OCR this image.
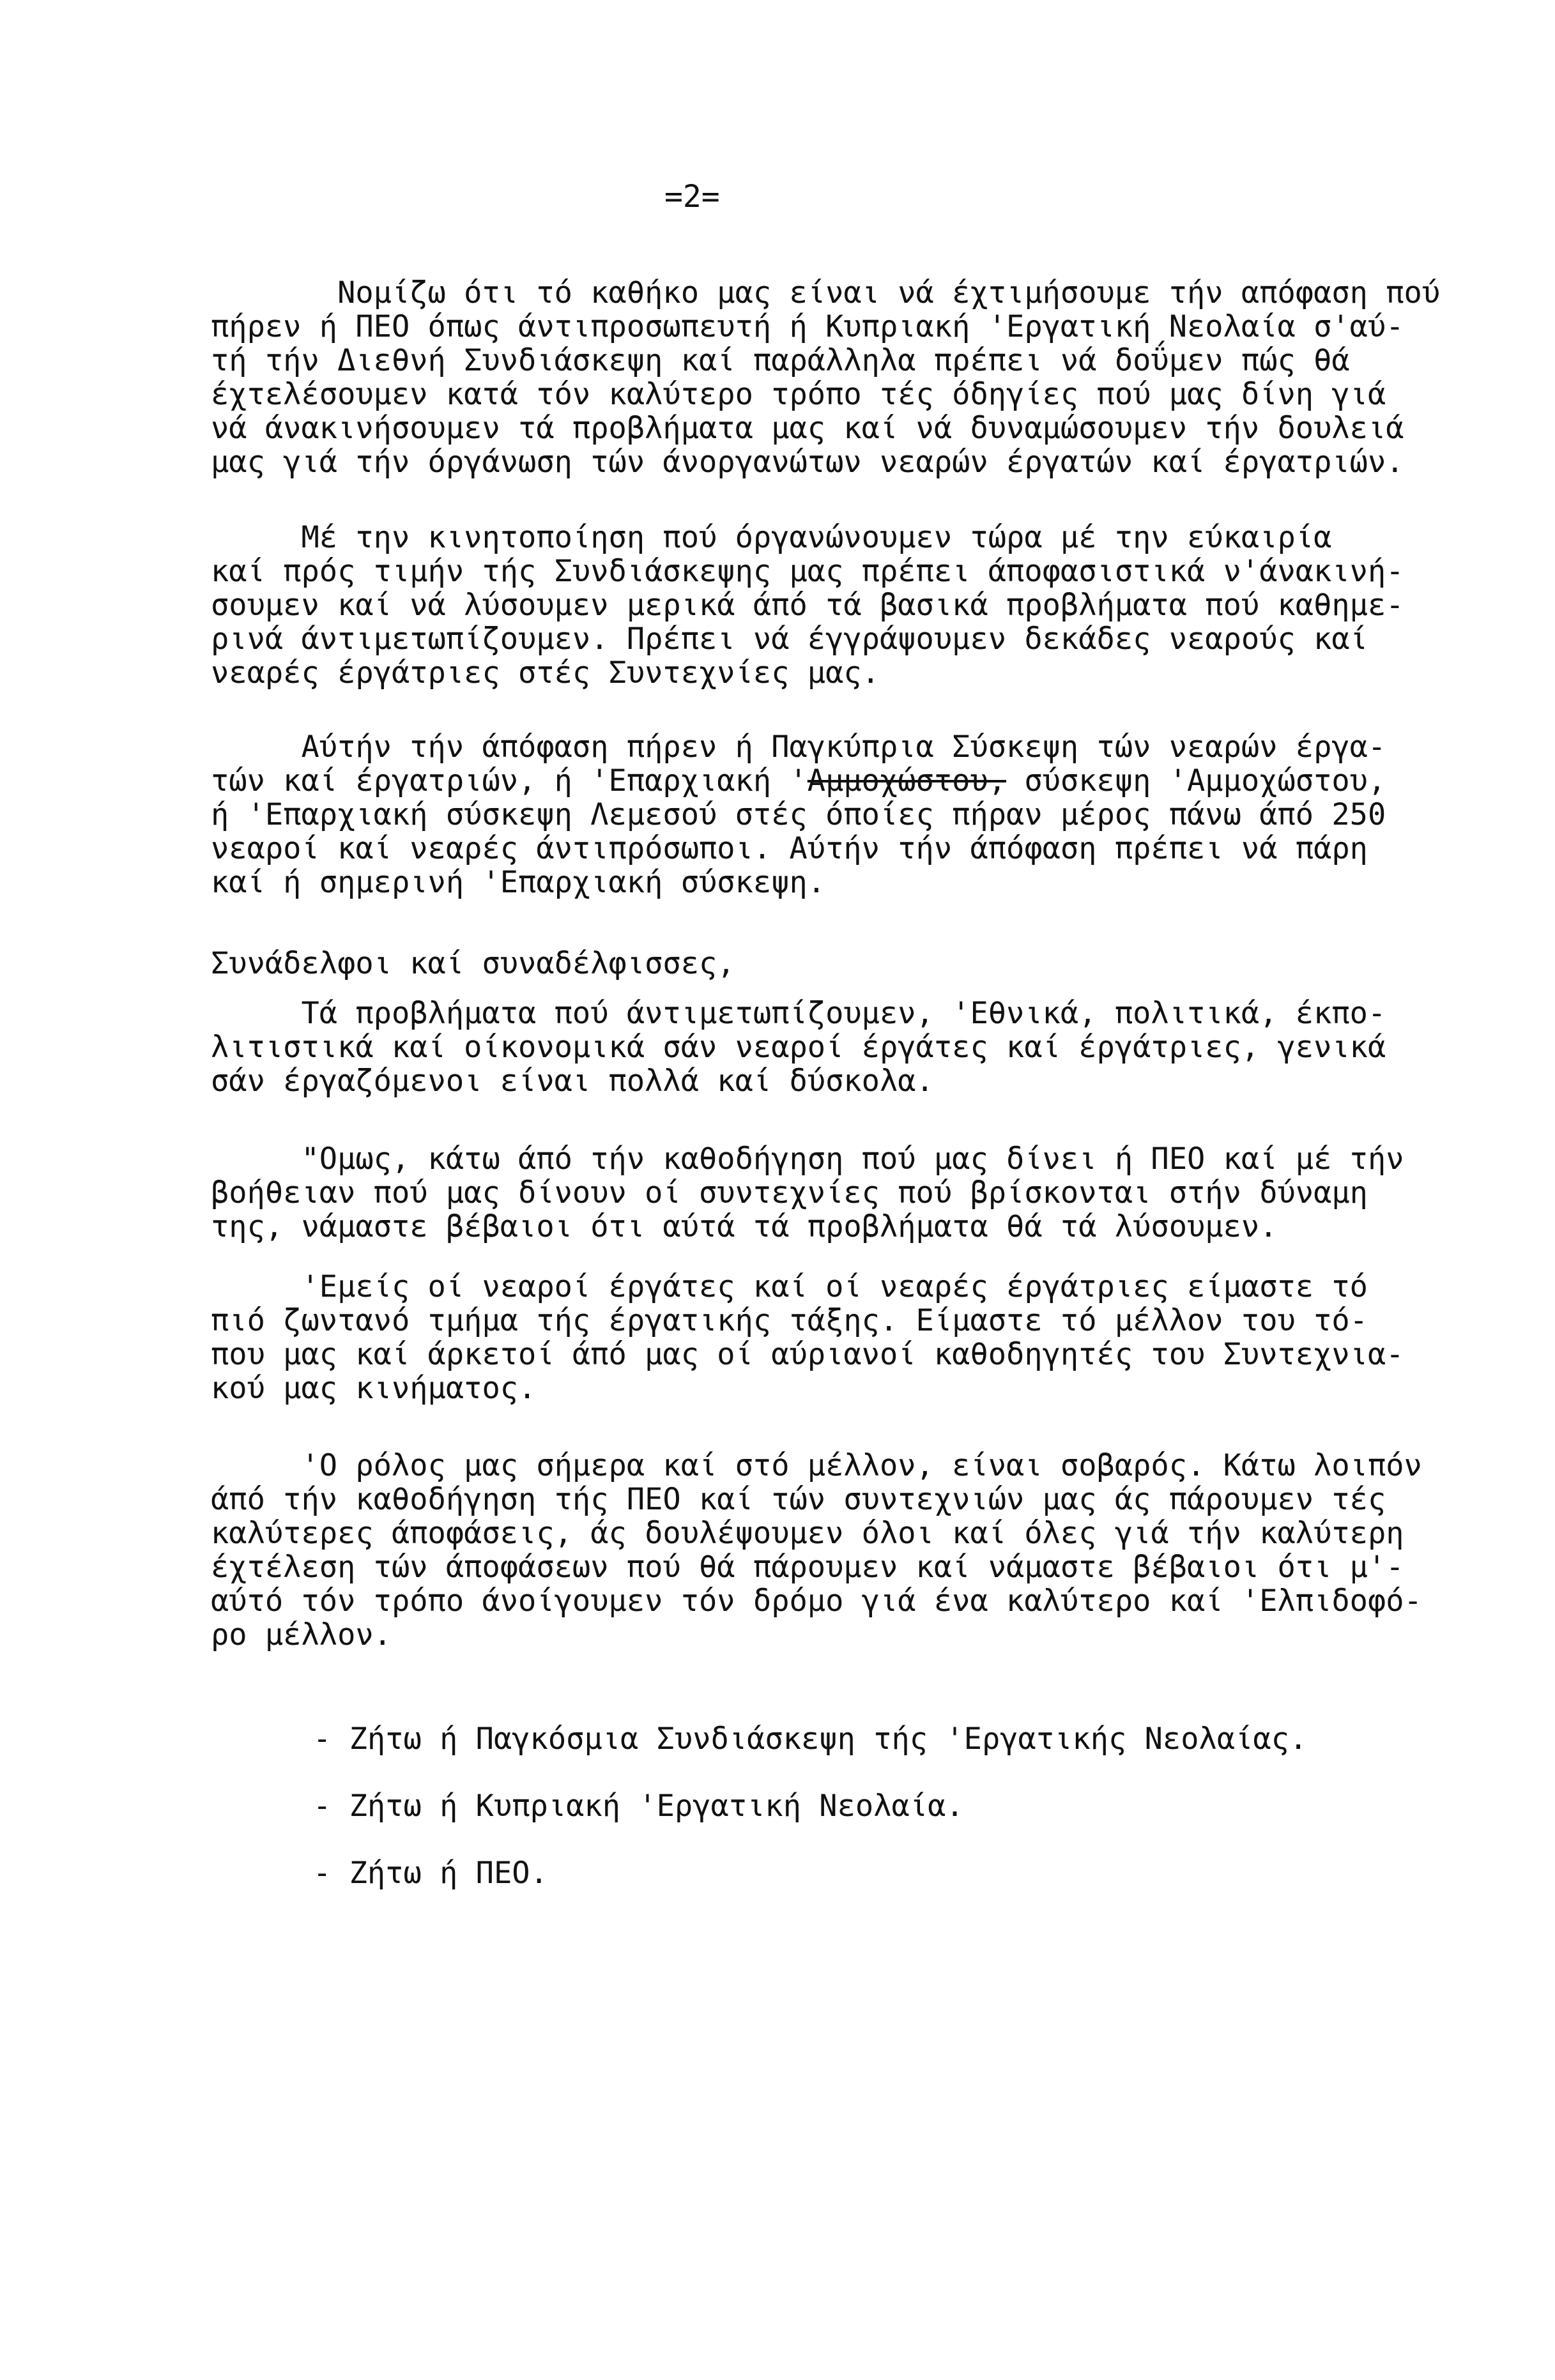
=2=
Νομίζω ότι τό καθήκο μας είναι νά έχτιμήσουμε τήν απόφαση πού
πήρεν ή ΠΕΟ όπως άντιπροσωπευτή ή Κυπριακή 'Εργατική Νεολαία σ'αύ-
τή τήν Διεθνή Συνδιάσκεψη καί παράλληλα πρέπει νά δοΰμεν πώς θά
έχτελέσουμεν κατά τόν καλύτερο τρόπο τές όδηγίες πού μας δίνη γιά
νά άνακινήσουμεν τά προβλήματα μας καί νά δυναμώσουμεν τήν δουλειά
μας γιά τήν όργάνωση τών άνοργανώτων νεαρών έργατών καί έργατριών.
Μέ την κινητοποίηση πού όργανώνουμεν τώρα μέ την εύκαιρία
καί πρός τιμήν τής Συνδιάσκεψης μας πρέπει άποφασιστικά ν'άνακινή-
σουμεν καί νά λύσουμεν μερικά άπό τά βασικά προβλήματα πού καθημε-
ρινά άντιμετωπίζουμεν. Πρέπει νά έγγράψουμεν δεκάδες νεαρούς καί
νεαρές έργάτριες στές Συντεχνίες μας.
Αύτήν τήν άπόφαση πήρεν ή Παγκύπρια Σύσκεψη τών νεαρών έργα-
τών καί έργατριών, ή 'Επαρχιακή 'Αμμοχώστου, σύσκεψη 'Αμμοχώστου,
ή 'Επαρχιακή σύσκεψη Λεμεσού στές όποίες πήραν μέρος πάνω άπό 250
νεαροί καί νεαρές άντιπρόσωποι. Αύτήν τήν άπόφαση πρέπει νά πάρη
καί ή σημερινή 'Επαρχιακή σύσκεψη.
Συνάδελφοι καί συναδέλφισσες,
Τά προβλήματα πού άντιμετωπίζουμεν, 'Εθνικά, πολιτικά, έκπο-
λιτιστικά καί οίκονομικά σάν νεαροί έργάτες καί έργάτριες, γενικά
σάν έργαζόμενοι είναι πολλά καί δύσκολα.
"Ομως, κάτω άπό τήν καθοδήγηση πού μας δίνει ή ΠΕΟ καί μέ τήν
βοήθειαν πού μας δίνουν οί συντεχνίες πού βρίσκονται στήν δύναμη
της, νάμαστε βέβαιοι ότι αύτά τά προβλήματα θά τά λύσουμεν.
'Εμείς οί νεαροί έργάτες καί οί νεαρές έργάτριες είμαστε τό
πιό ζωντανό τμήμα τής έργατικής τάξης. Είμαστε τό μέλλον του τό-
που μας καί άρκετοί άπό μας οί αύριανοί καθοδηγητές του Συντεχνια-
κού μας κινήματος.
'Ο ρόλος μας σήμερα καί στό μέλλον, είναι σοβαρός. Κάτω λοιπόν
άπό τήν καθοδήγηση τής ΠΕΟ καί τών συντεχνιών μας άς πάρουμεν τές
καλύτερες άποφάσεις, άς δουλέψουμεν όλοι καί όλες γιά τήν καλύτερη
έχτέλεση τών άποφάσεων πού θά πάρουμεν καί νάμαστε βέβαιοι ότι μ'-
αύτό τόν τρόπο άνοίγουμεν τόν δρόμο γιά ένα καλύτερο καί 'Ελπιδοφό-
ρο μέλλον.
- Ζήτω ή Παγκόσμια Συνδιάσκεψη τής 'Εργατικής Νεολαίας.
- Ζήτω ή Κυπριακή 'Εργατική Νεολαία.
- Ζήτω ή ΠΕΟ.
